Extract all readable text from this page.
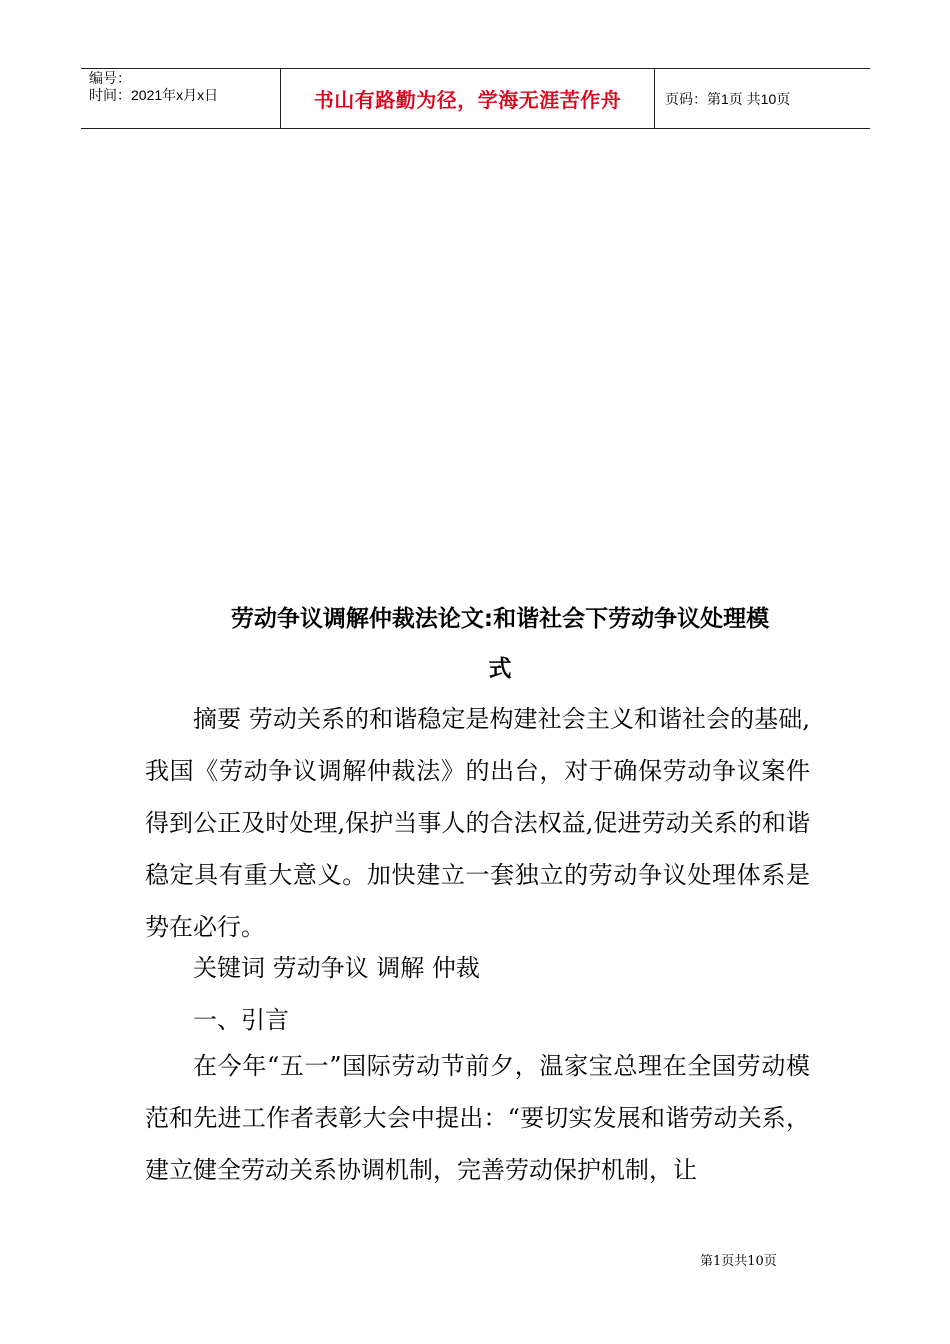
编号：
时间：2021年x月x日	书山有路勤为径，学海无涯苦作舟	页码：第1页 共10页
劳动争议调解仲裁法论文:和谐社会下劳动争议处理模
式

摘要 劳动关系的和谐稳定是构建社会主义和谐社会的基础,我国《劳动争议调解仲裁法》的出台，对于确保劳动争议案件得到公正及时处理,保护当事人的合法权益,促进劳动关系的和谐稳定具有重大意义。加快建立一套独立的劳动争议处理体系是势在必行。

关键词 劳动争议 调解 仲裁

一、引言

在今年“五一”国际劳动节前夕，温家宝总理在全国劳动模范和先进工作者表彰大会中提出：“要切实发展和谐劳动关系，建立健全劳动关系协调机制，完善劳动保护机制，让

第1页共10页
